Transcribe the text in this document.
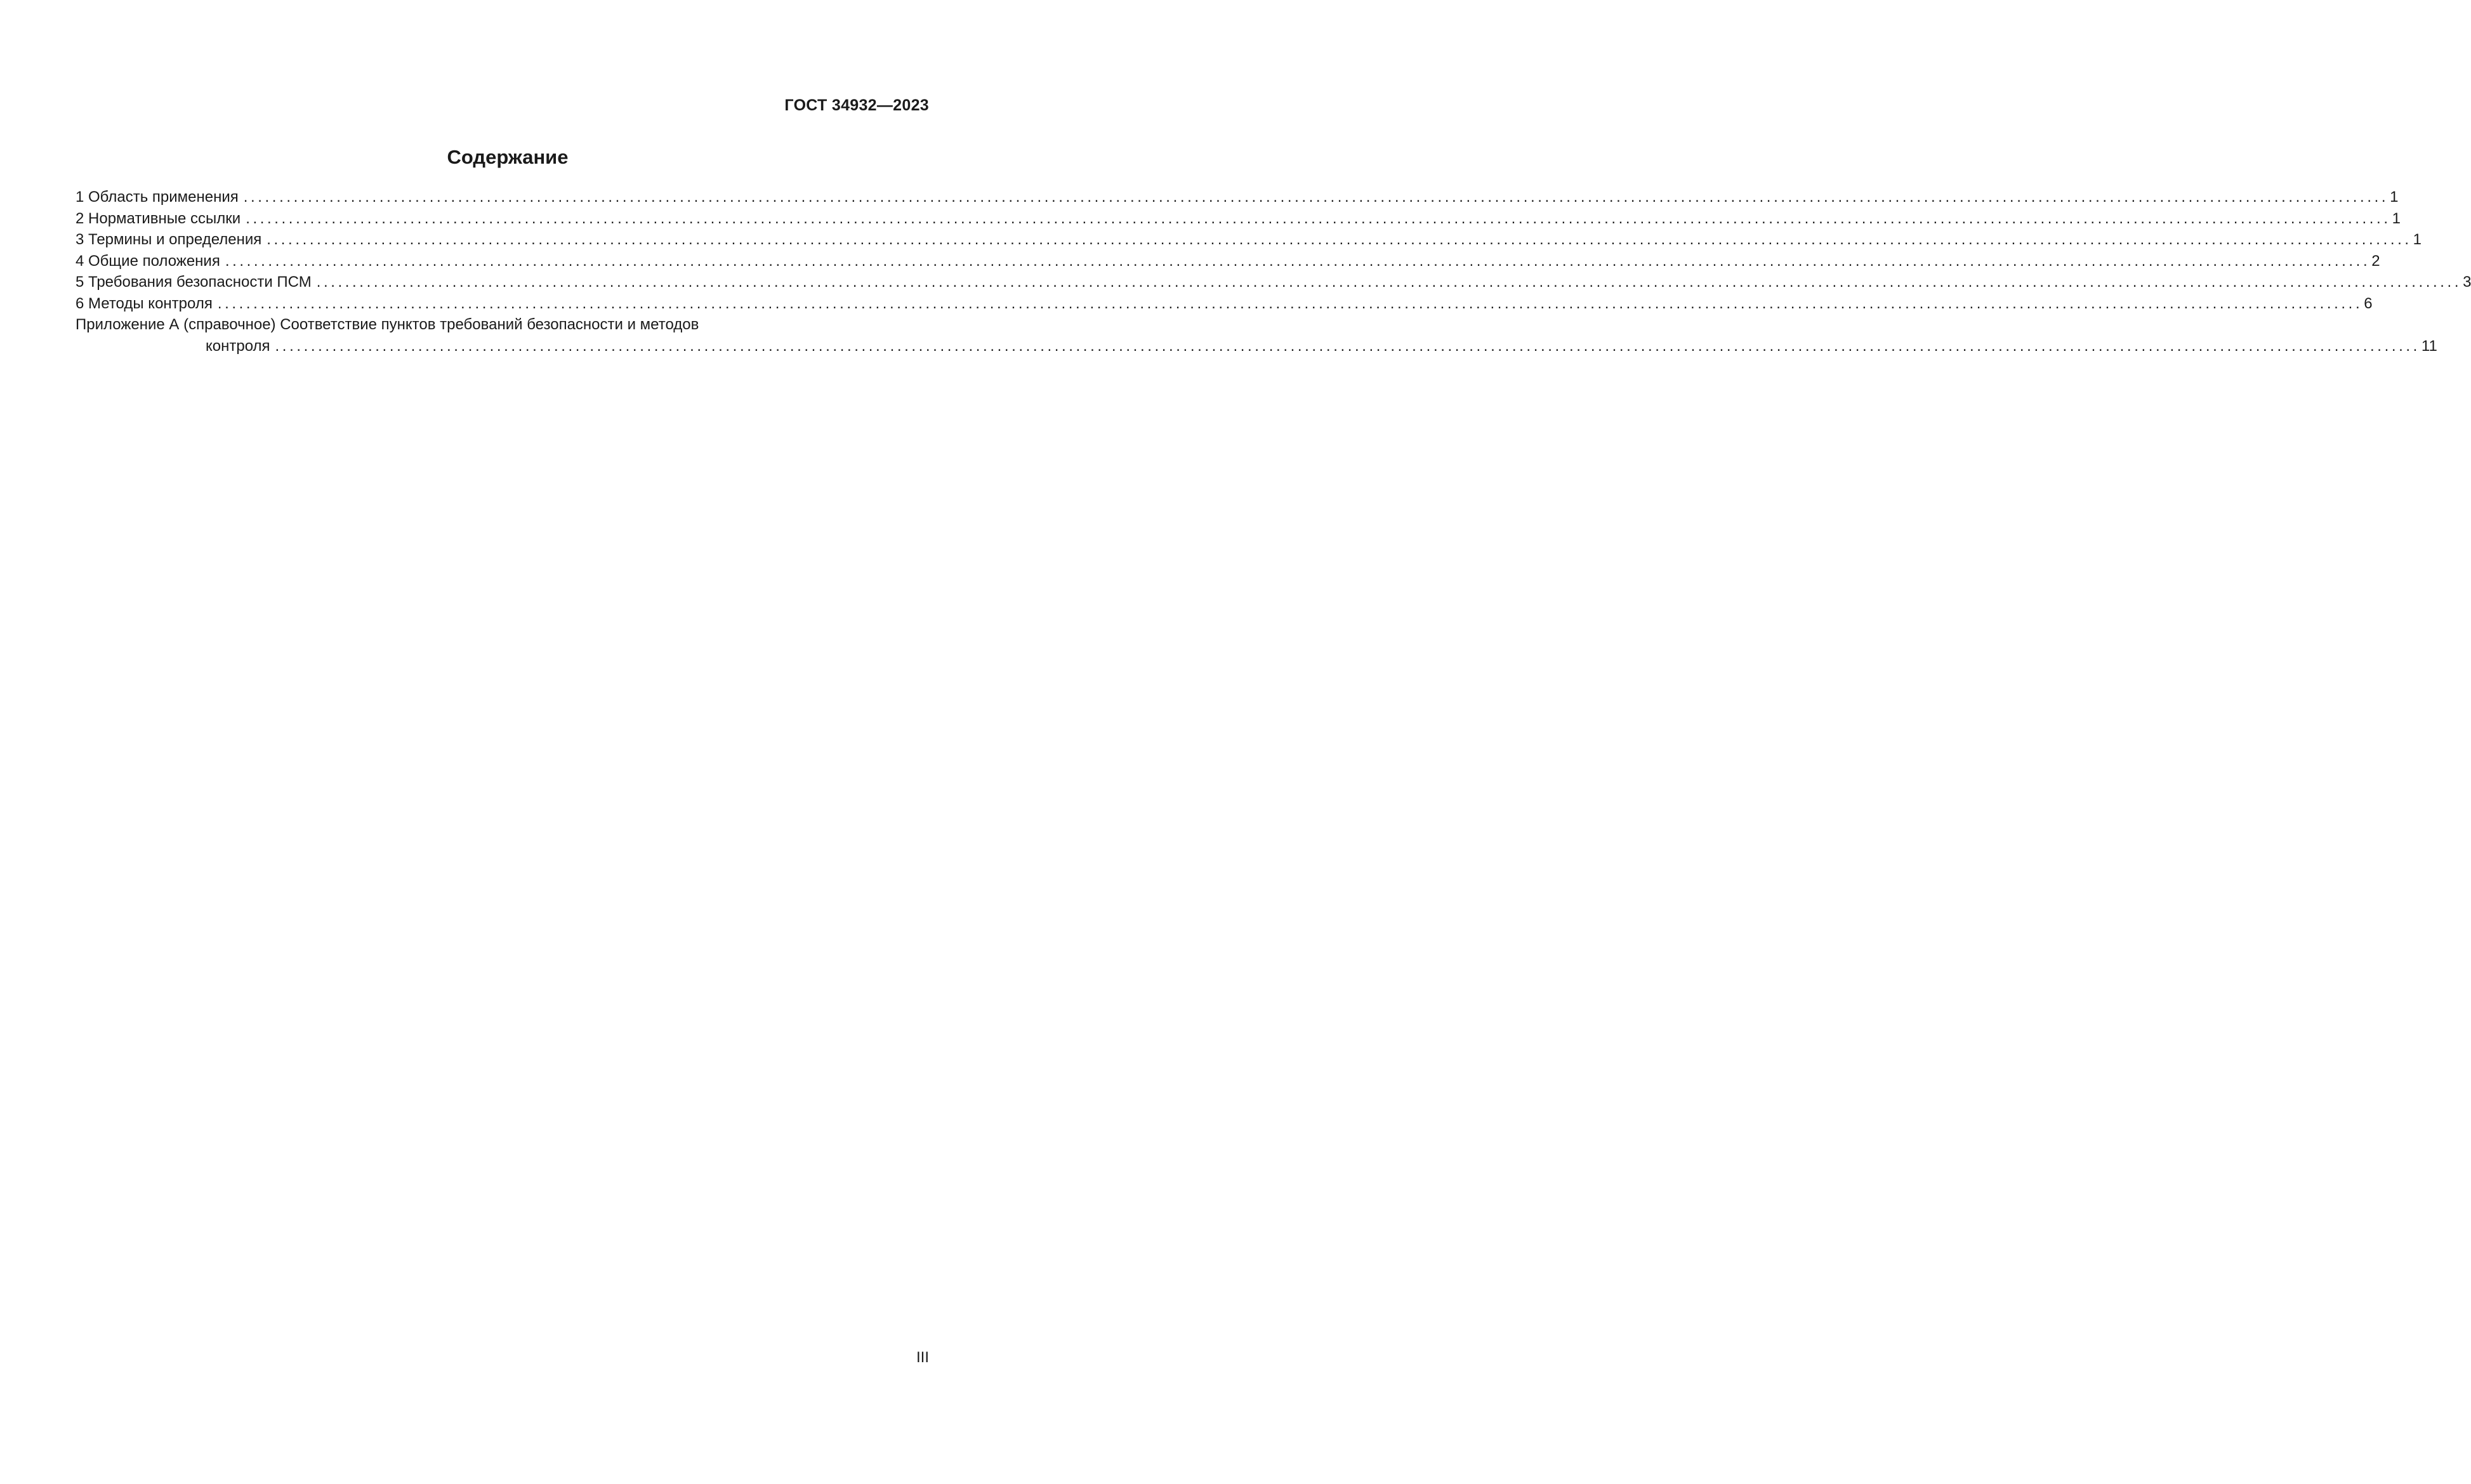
ГОСТ 34932—2023
Содержание
1 Область применения ............................................................................................................................................................................................................................................................................................................ 1
2 Нормативные ссылки ............................................................................................................................................................................................................................................................................................................ 1
3 Термины и определения ............................................................................................................................................................................................................................................................................................................ 1
4 Общие положения ............................................................................................................................................................................................................................................................................................................ 2
5 Требования безопасности ПСМ ............................................................................................................................................................................................................................................................................................................ 3
6 Методы контроля ............................................................................................................................................................................................................................................................................................................ 6
Приложение А (справочное) Соответствие пунктов требований безопасности и методов
контроля ............................................................................................................................................................................................................................................................................................................ 11
III
